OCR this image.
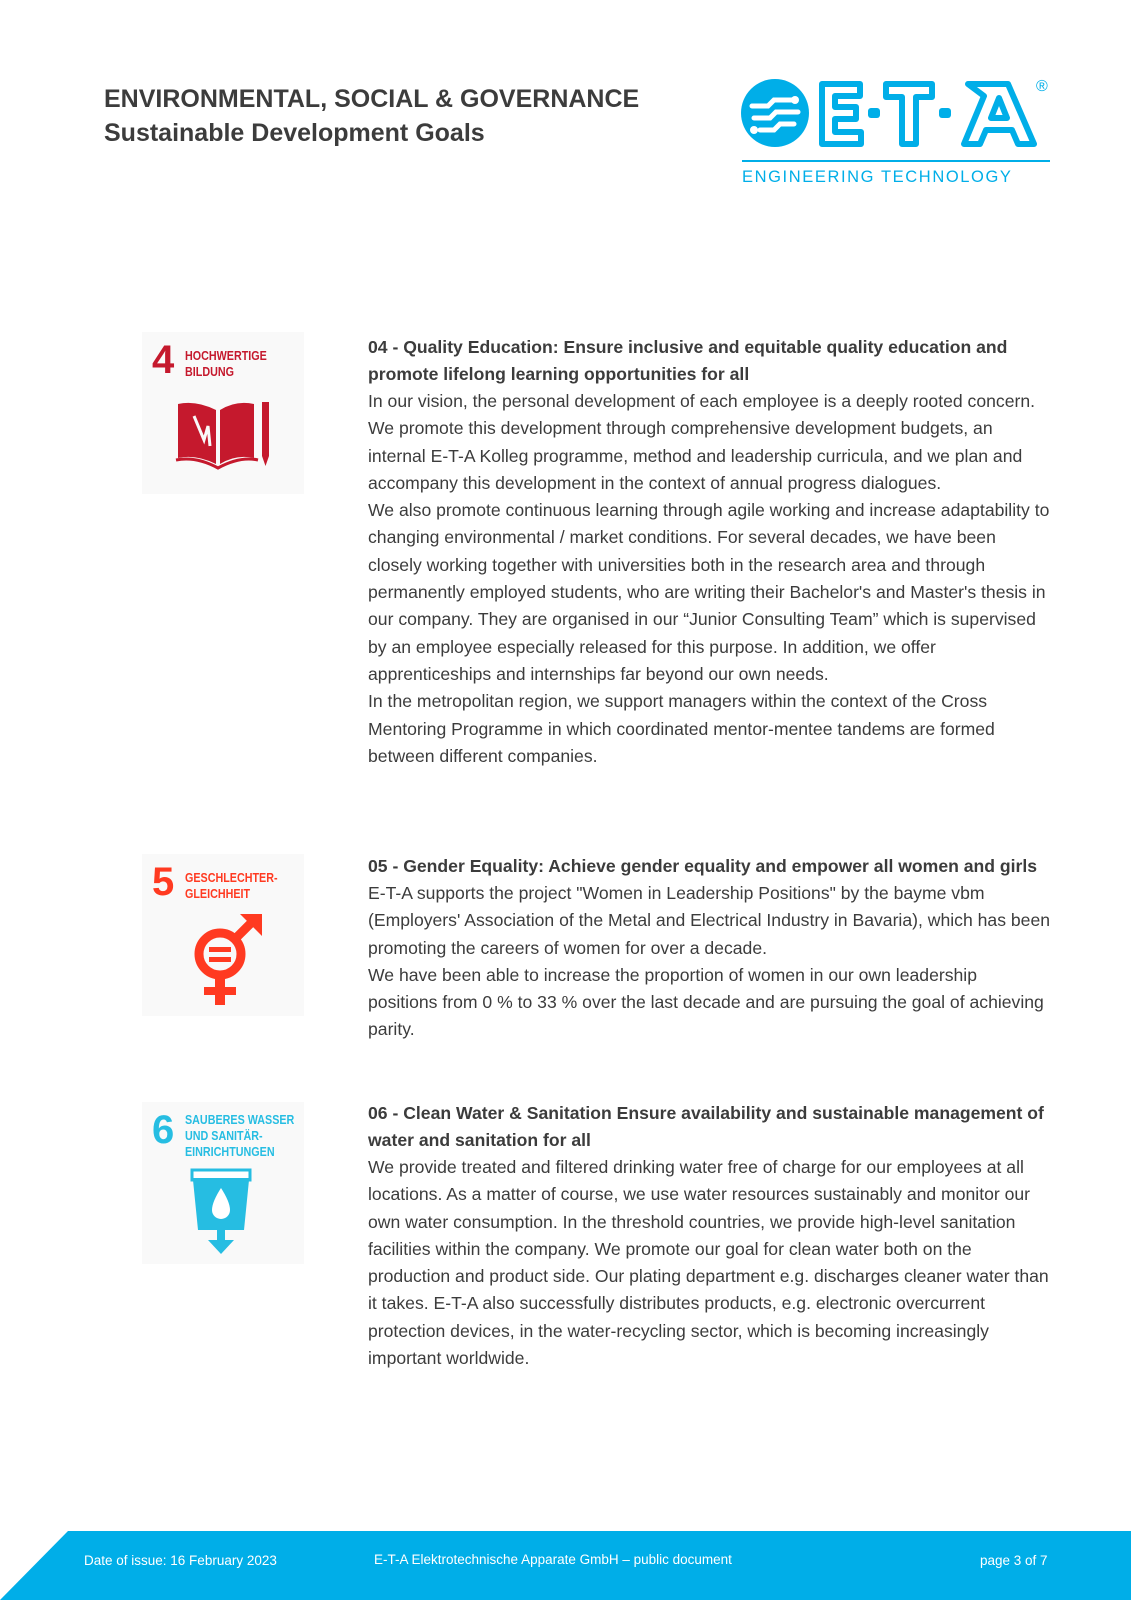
ENVIRONMENTAL, SOCIAL & GOVERNANCE
Sustainable Development Goals
®
ENGINEERING TECHNOLOGY
4 HOCHWERTIGE
BILDUNG
04 - Quality Education: Ensure inclusive and equitable quality education and promote lifelong learning opportunities for all

In our vision, the personal development of each employee is a deeply rooted concern. We promote this development through comprehensive development budgets, an internal E-T-A Kolleg programme, method and leadership curricula, and we plan and accompany this development in the context of annual progress dialogues.

We also promote continuous learning through agile working and increase adaptability to changing environmental / market conditions. For several decades, we have been closely working together with universities both in the research area and through permanently employed students, who are writing their Bachelor's and Master's thesis in our company. They are organised in our “Junior Consulting Team” which is supervised by an employee especially released for this purpose. In addition, we offer apprenticeships and internships far beyond our own needs.

In the metropolitan region, we support managers within the context of the Cross Mentoring Programme in which coordinated mentor-mentee tandems are formed between different companies.

5 GESCHLECHTER-
GLEICHHEIT
05 - Gender Equality: Achieve gender equality and empower all women and girls

E-T-A supports the project "Women in Leadership Positions" by the bayme vbm (Employers' Association of the Metal and Electrical Industry in Bavaria), which has been promoting the careers of women for over a decade.

We have been able to increase the proportion of women in our own leadership positions from 0 % to 33 % over the last decade and are pursuing the goal of achieving parity.

6 SAUBERES WASSER
UND SANITÄR-
EINRICHTUNGEN
06 - Clean Water & Sanitation Ensure availability and sustainable management of water and sanitation for all

We provide treated and filtered drinking water free of charge for our employees at all locations. As a matter of course, we use water resources sustainably and monitor our own water consumption. In the threshold countries, we provide high-level sanitation facilities within the company. We promote our goal for clean water both on the production and product side. Our plating department e.g. discharges cleaner water than it takes. E-T-A also successfully distributes products, e.g. electronic overcurrent protection devices, in the water-recycling sector, which is becoming increasingly important worldwide.

Date of issue: 16 February 2023	E-T-A Elektrotechnische Apparate GmbH – public document	page 3 of 7
